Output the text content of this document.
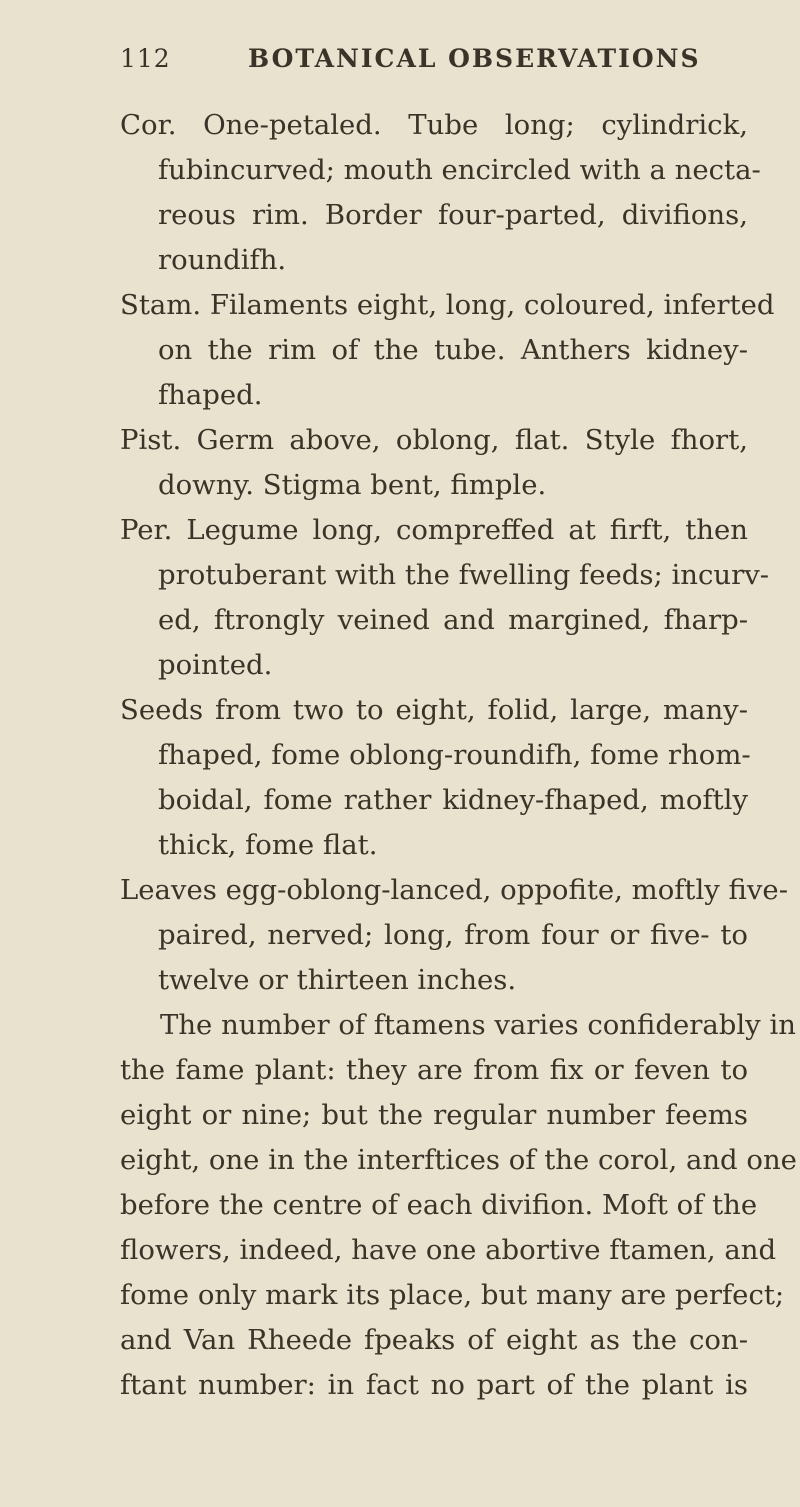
112	BOTANICAL OBSERVATIONS
Cor. One-petaled. Tube long; cylindrick,
fubincurved; mouth encircled with a necta-
reous rim. Border four-parted, divifions,
roundifh.
Stam. Filaments eight, long, coloured, inferted
on the rim of the tube. Anthers kidney-
fhaped.
Pist. Germ above, oblong, flat. Style fhort,
downy. Stigma bent, fimple.
Per. Legume long, compreffed at firft, then
protuberant with the fwelling feeds; incurv-
ed, ftrongly veined and margined, fharp-
pointed.
Seeds from two to eight, folid, large, many-
fhaped, fome oblong-roundifh, fome rhom-
boidal, fome rather kidney-fhaped, moftly
thick, fome flat.
Leaves egg-oblong-lanced, oppofite, moftly five-
paired, nerved; long, from four or five- to
twelve or thirteen inches.
The number of ftamens varies confiderably in
the fame plant: they are from fix or feven to
eight or nine; but the regular number feems
eight, one in the interftices of the corol, and one
before the centre of each divifion. Moft of the
flowers, indeed, have one abortive ftamen, and
fome only mark its place, but many are perfect;
and Van Rheede fpeaks of eight as the con-
ftant number: in fact no part of the plant is
